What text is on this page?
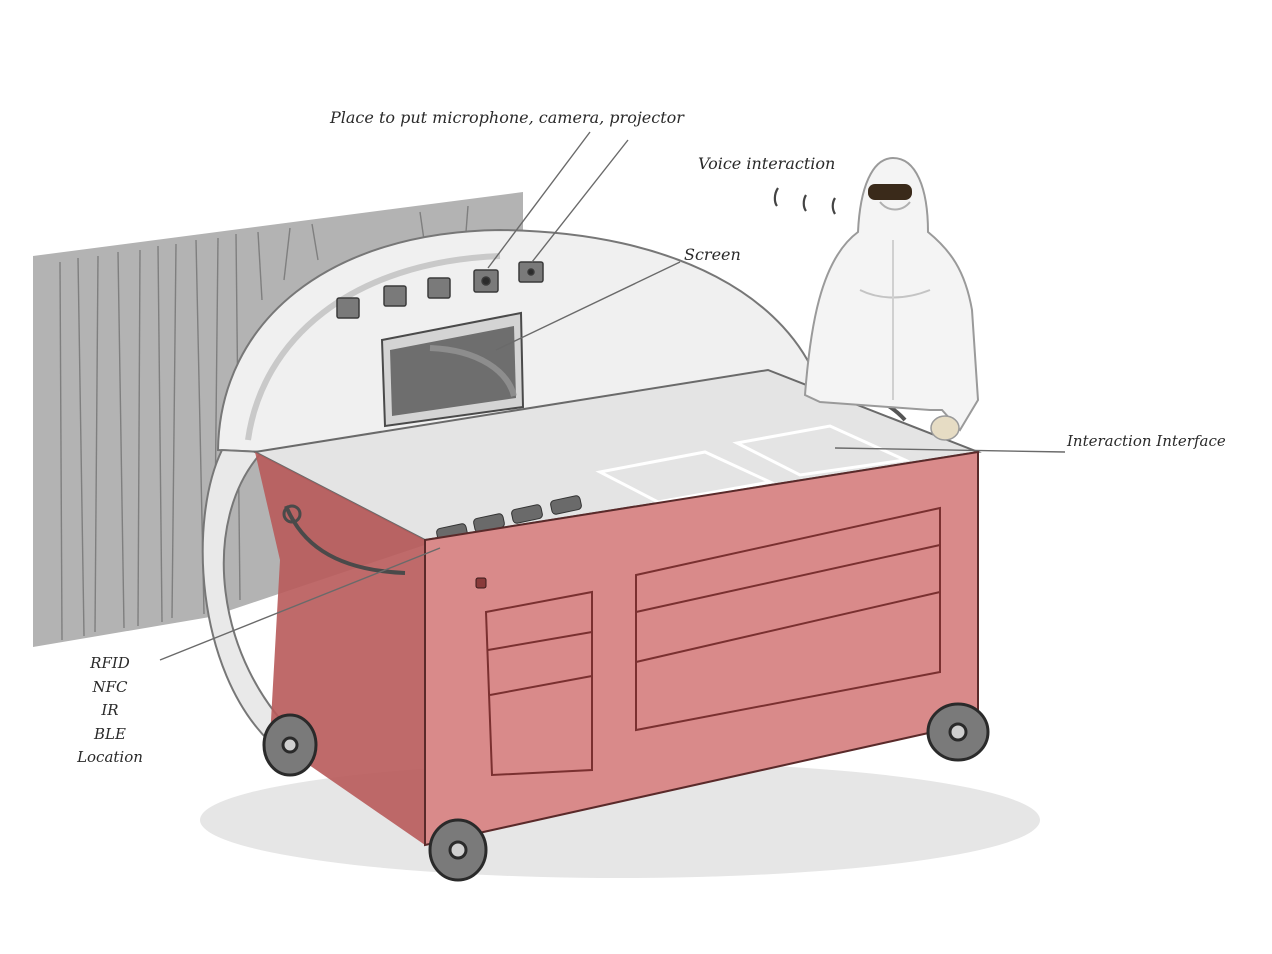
Place to put microphone, camera, projector
Voice interaction
Screen
Interaction Interface
RFID
NFC
IR
BLE
Location
